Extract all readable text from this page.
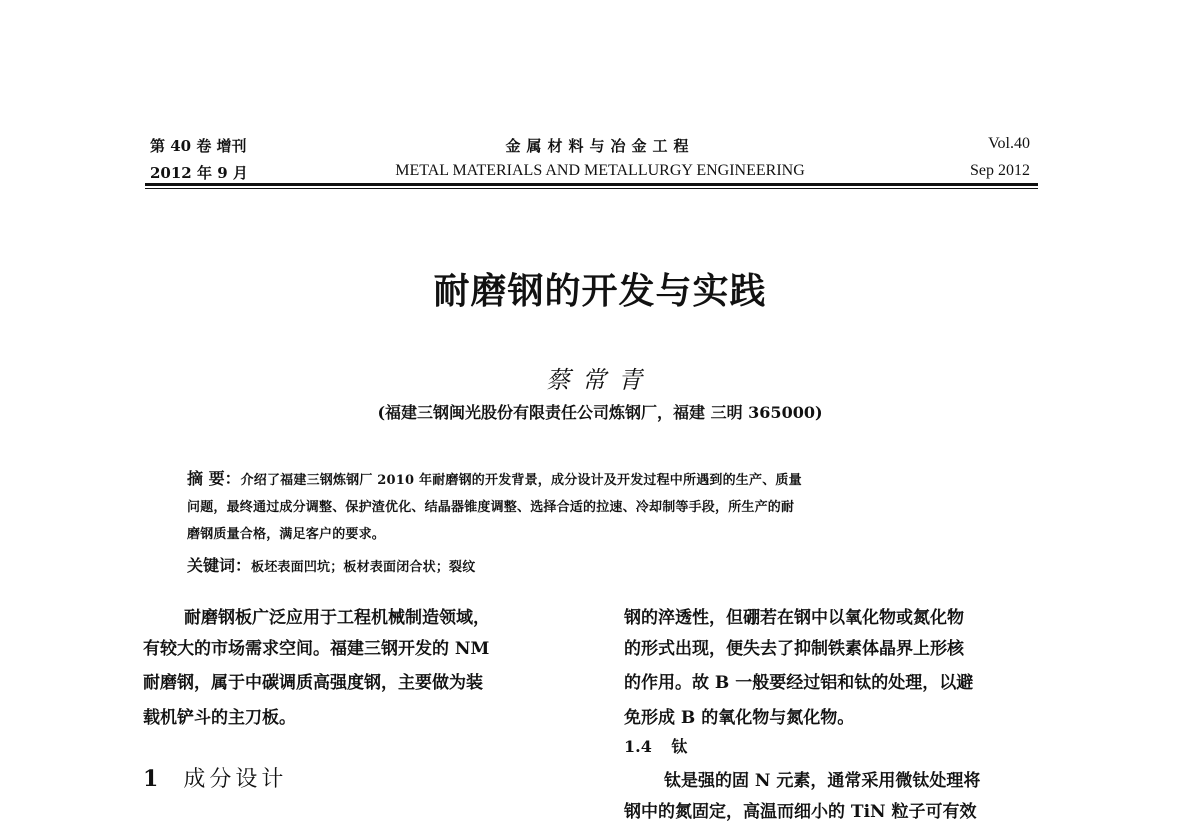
第 40 卷 增刊
2012 年 9 月
金属材料与冶金工程
METAL MATERIALS AND METALLURGY ENGINEERING
Vol.40
Sep 2012
耐磨钢的开发与实践
蔡常青
(福建三钢闽光股份有限责任公司炼钢厂，福建 三明 365000)
摘 要：介绍了福建三钢炼钢厂 2010 年耐磨钢的开发背景，成分设计及开发过程中所遇到的生产、质量
问题，最终通过成分调整、保护渣优化、结晶器锥度调整、选择合适的拉速、冷却制等手段，所生产的耐
磨钢质量合格，满足客户的要求。
关键词：板坯表面凹坑；板材表面闭合状；裂纹
耐磨钢板广泛应用于工程机械制造领域，
有较大的市场需求空间。福建三钢开发的 NM
耐磨钢，属于中碳调质高强度钢，主要做为装
载机铲斗的主刀板。
1 成分设计
钢的淬透性，但硼若在钢中以氧化物或氮化物
的形式出现，便失去了抑制铁素体晶界上形核
的作用。故 B 一般要经过铝和钛的处理，以避
免形成 B 的氧化物与氮化物。
1.4 钛
钛是强的固 N 元素，通常采用微钛处理将
钢中的氮固定，高温而细小的 TiN 粒子可有效
